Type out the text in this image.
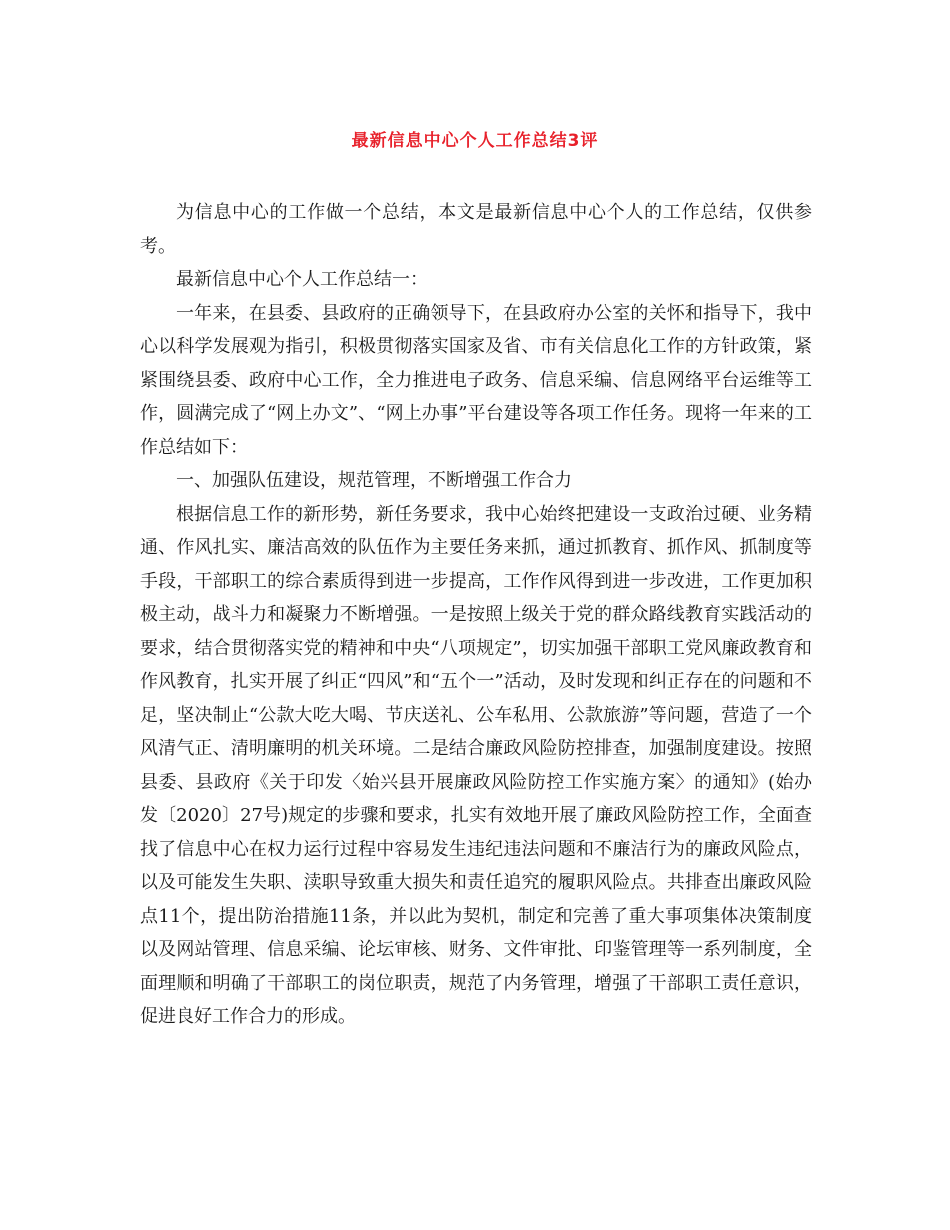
最新信息中心个人工作总结3评

为信息中心的工作做一个总结，本文是最新信息中心个人的工作总结，仅供参考。

最新信息中心个人工作总结一：

一年来，在县委、县政府的正确领导下，在县政府办公室的关怀和指导下，我中心以科学发展观为指引，积极贯彻落实国家及省、市有关信息化工作的方针政策，紧紧围绕县委、政府中心工作，全力推进电子政务、信息采编、信息网络平台运维等工作，圆满完成了“网上办文”、“网上办事”平台建设等各项工作任务。现将一年来的工作总结如下：

一、加强队伍建设，规范管理，不断增强工作合力

根据信息工作的新形势，新任务要求，我中心始终把建设一支政治过硬、业务精通、作风扎实、廉洁高效的队伍作为主要任务来抓，通过抓教育、抓作风、抓制度等手段，干部职工的综合素质得到进一步提高，工作作风得到进一步改进，工作更加积极主动，战斗力和凝聚力不断增强。一是按照上级关于党的群众路线教育实践活动的要求，结合贯彻落实党的精神和中央“八项规定”，切实加强干部职工党风廉政教育和作风教育，扎实开展了纠正“四风”和“五个一”活动，及时发现和纠正存在的问题和不足，坚决制止“公款大吃大喝、节庆送礼、公车私用、公款旅游”等问题，营造了一个风清气正、清明廉明的机关环境。二是结合廉政风险防控排查，加强制度建设。按照县委、县政府《关于印发〈始兴县开展廉政风险防控工作实施方案〉的通知》(始办发〔2020〕27号)规定的步骤和要求，扎实有效地开展了廉政风险防控工作，全面查找了信息中心在权力运行过程中容易发生违纪违法问题和不廉洁行为的廉政风险点，以及可能发生失职、渎职导致重大损失和责任追究的履职风险点。共排查出廉政风险点11个，提出防治措施11条，并以此为契机，制定和完善了重大事项集体决策制度以及网站管理、信息采编、论坛审核、财务、文件审批、印鉴管理等一系列制度，全面理顺和明确了干部职工的岗位职责，规范了内务管理，增强了干部职工责任意识，促进良好工作合力的形成。
